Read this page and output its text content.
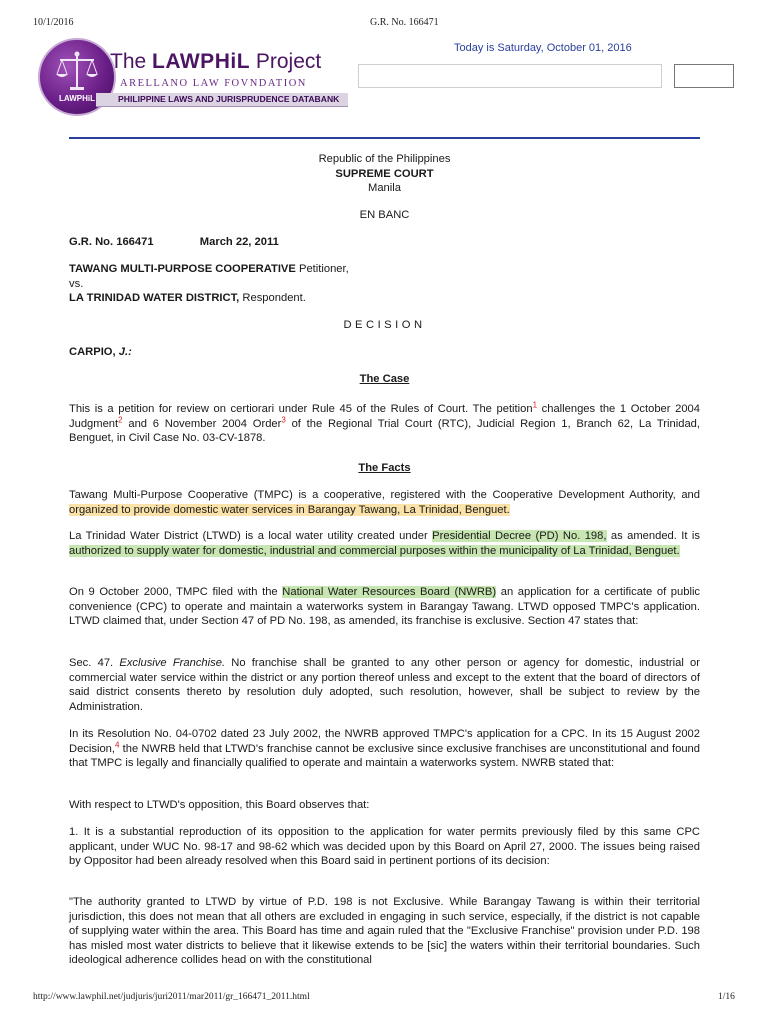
10/1/2016	G.R. No. 166471
LAWPHiL
The LAWPHiL Project
ARELLANO LAW FOVNDATION
PHILIPPINE LAWS AND JURISPRUDENCE DATABANK
Today is Saturday, October 01, 2016
Republic of the Philippines
SUPREME COURT
Manila
EN BANC
G.R. No. 166471	March 22, 2011
TAWANG MULTI-PURPOSE COOPERATIVE Petitioner,
vs.
LA TRINIDAD WATER DISTRICT, Respondent.
DECISION
CARPIO, J.:
The Case
This is a petition for review on certiorari under Rule 45 of the Rules of Court. The petition$^1$ challenges the 1 October 2004 Judgment$^2$ and 6 November 2004 Order$^3$ of the Regional Trial Court (RTC), Judicial Region 1, Branch 62, La Trinidad, Benguet, in Civil Case No. 03-CV-1878.
The Facts
Tawang Multi-Purpose Cooperative (TMPC) is a cooperative, registered with the Cooperative Development Authority, and organized to provide domestic water services in Barangay Tawang, La Trinidad, Benguet.
La Trinidad Water District (LTWD) is a local water utility created under Presidential Decree (PD) No. 198, as amended. It is authorized to supply water for domestic, industrial and commercial purposes within the municipality of La Trinidad, Benguet.
On 9 October 2000, TMPC filed with the National Water Resources Board (NWRB) an application for a certificate of public convenience (CPC) to operate and maintain a waterworks system in Barangay Tawang. LTWD opposed TMPC's application. LTWD claimed that, under Section 47 of PD No. 198, as amended, its franchise is exclusive. Section 47 states that:
Sec. 47. Exclusive Franchise. No franchise shall be granted to any other person or agency for domestic, industrial or commercial water service within the district or any portion thereof unless and except to the extent that the board of directors of said district consents thereto by resolution duly adopted, such resolution, however, shall be subject to review by the Administration.
In its Resolution No. 04-0702 dated 23 July 2002, the NWRB approved TMPC's application for a CPC. In its 15 August 2002 Decision,$^4$ the NWRB held that LTWD's franchise cannot be exclusive since exclusive franchises are unconstitutional and found that TMPC is legally and financially qualified to operate and maintain a waterworks system. NWRB stated that:
With respect to LTWD's opposition, this Board observes that:
1. It is a substantial reproduction of its opposition to the application for water permits previously filed by this same CPC applicant, under WUC No. 98-17 and 98-62 which was decided upon by this Board on April 27, 2000. The issues being raised by Oppositor had been already resolved when this Board said in pertinent portions of its decision:
"The authority granted to LTWD by virtue of P.D. 198 is not Exclusive. While Barangay Tawang is within their territorial jurisdiction, this does not mean that all others are excluded in engaging in such service, especially, if the district is not capable of supplying water within the area. This Board has time and again ruled that the "Exclusive Franchise" provision under P.D. 198 has misled most water districts to believe that it likewise extends to be [sic] the waters within their territorial boundaries. Such ideological adherence collides head on with the constitutional
http://www.lawphil.net/judjuris/juri2011/mar2011/gr_166471_2011.html	1/16
